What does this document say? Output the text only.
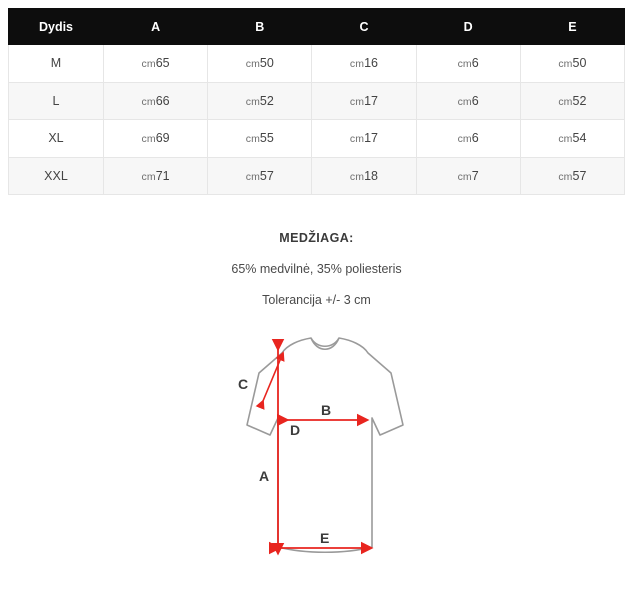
Dydis	A	B	C	D	E
M	cm65	cm50	cm16	cm6	cm50
L	cm66	cm52	cm17	cm6	cm52
XL	cm69	cm55	cm17	cm6	cm54
XXL	cm71	cm57	cm18	cm7	cm57
MEDŽIAGA:
65% medvilnė, 35% poliesteris
Tolerancija +/- 3 cm
C
A
B
D
E
